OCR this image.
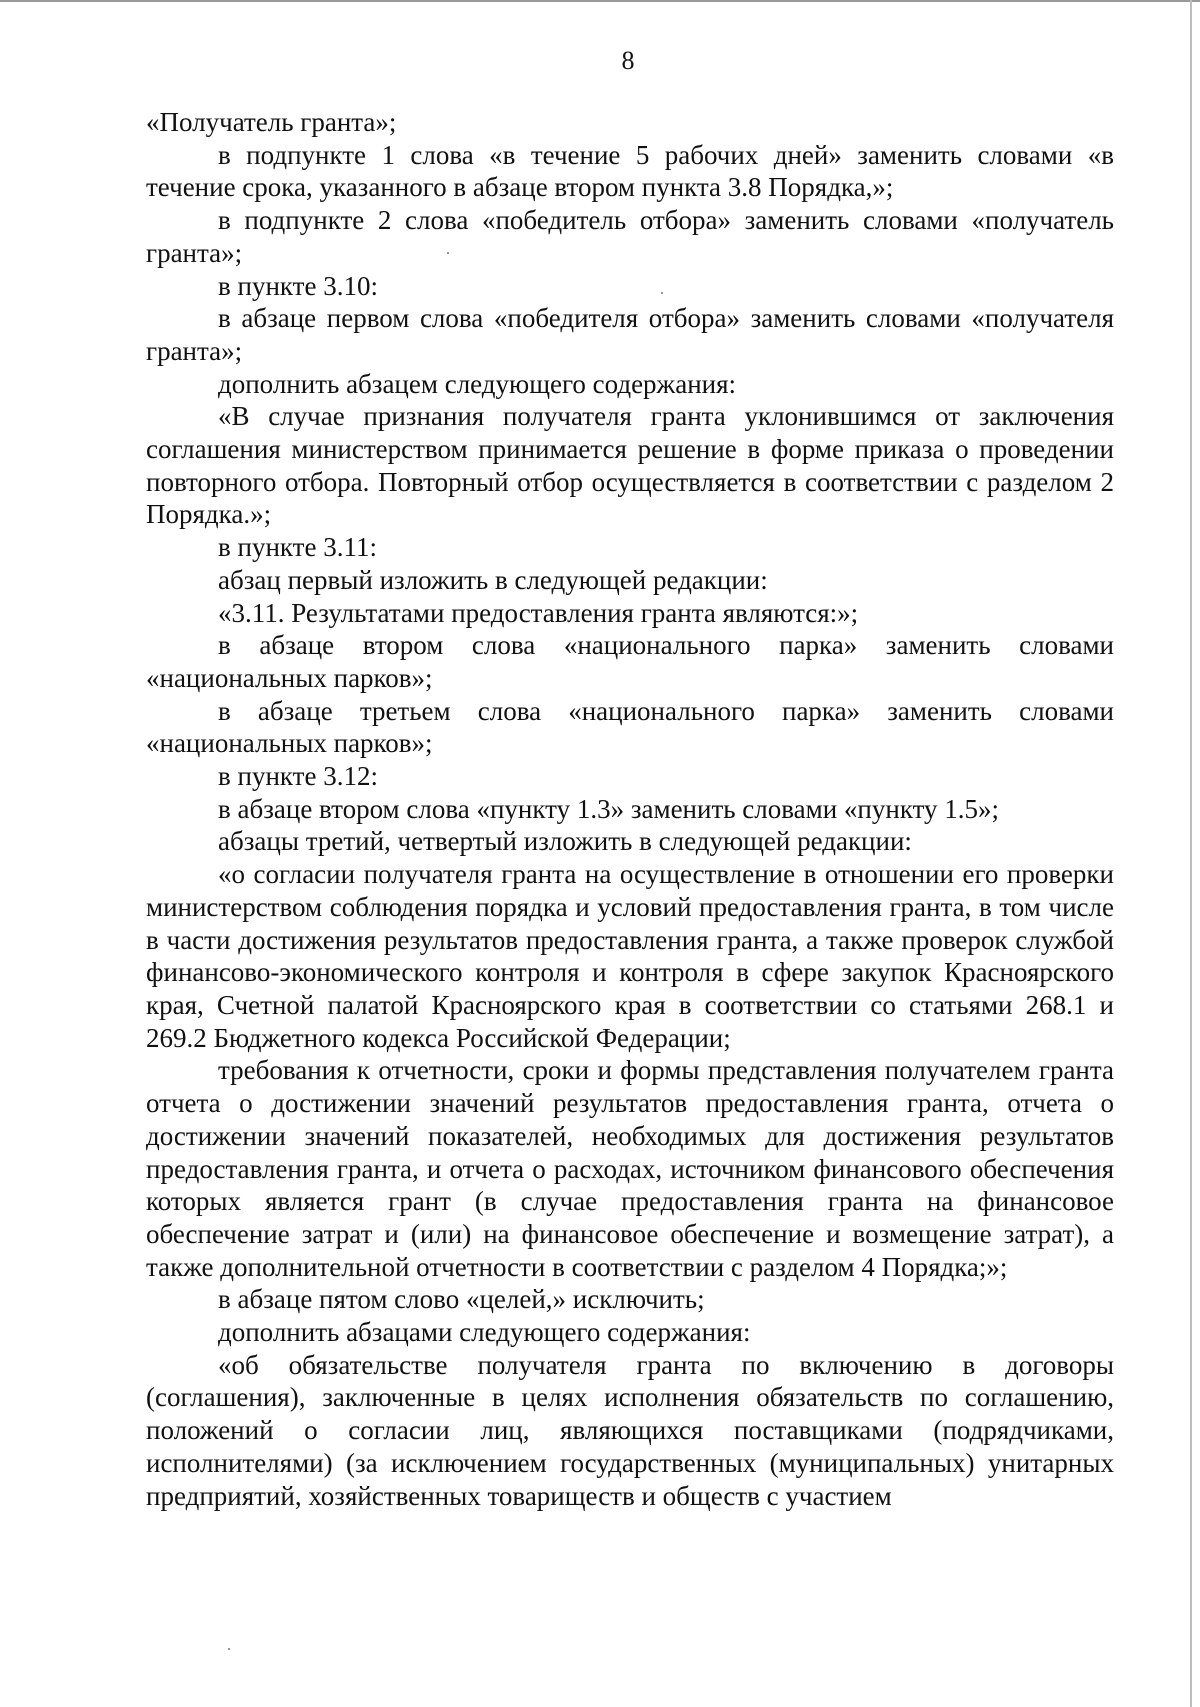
8

«Получатель гранта»;

в подпункте 1 слова «в течение 5 рабочих дней» заменить словами «в течение срока, указанного в абзаце втором пункта 3.8 Порядка,»;

в подпункте 2 слова «победитель отбора» заменить словами «получатель гранта»;

в пункте 3.10:

в абзаце первом слова «победителя отбора» заменить словами «получателя гранта»;

дополнить абзацем следующего содержания:

«В случае признания получателя гранта уклонившимся от заключения соглашения министерством принимается решение в форме приказа о проведении повторного отбора. Повторный отбор осуществляется в соответствии с разделом 2 Порядка.»;

в пункте 3.11:

абзац первый изложить в следующей редакции:

«3.11. Результатами предоставления гранта являются:»;

в абзаце втором слова «национального парка» заменить словами «национальных парков»;

в абзаце третьем слова «национального парка» заменить словами «национальных парков»;

в пункте 3.12:

в абзаце втором слова «пункту 1.3» заменить словами «пункту 1.5»;

абзацы третий, четвертый изложить в следующей редакции:

«о согласии получателя гранта на осуществление в отношении его проверки министерством соблюдения порядка и условий предоставления гранта, в том числе в части достижения результатов предоставления гранта, а также проверок службой финансово-экономического контроля и контроля в сфере закупок Красноярского края, Счетной палатой Красноярского края в соответствии со статьями 268.1 и 269.2 Бюджетного кодекса Российской Федерации;

требования к отчетности, сроки и формы представления получателем гранта отчета о достижении значений результатов предоставления гранта, отчета о достижении значений показателей, необходимых для достижения результатов предоставления гранта, и отчета о расходах, источником финансового обеспечения которых является грант (в случае предоставления гранта на финансовое обеспечение затрат и (или) на финансовое обеспечение и возмещение затрат), а также дополнительной отчетности в соответствии с разделом 4 Порядка;»;

в абзаце пятом слово «целей,» исключить;

дополнить абзацами следующего содержания:

«об обязательстве получателя гранта по включению в договоры (соглашения), заключенные в целях исполнения обязательств по соглашению, положений о согласии лиц, являющихся поставщиками (подрядчиками, исполнителями) (за исключением государственных (муниципальных) унитарных предприятий, хозяйственных товариществ и обществ с участием
